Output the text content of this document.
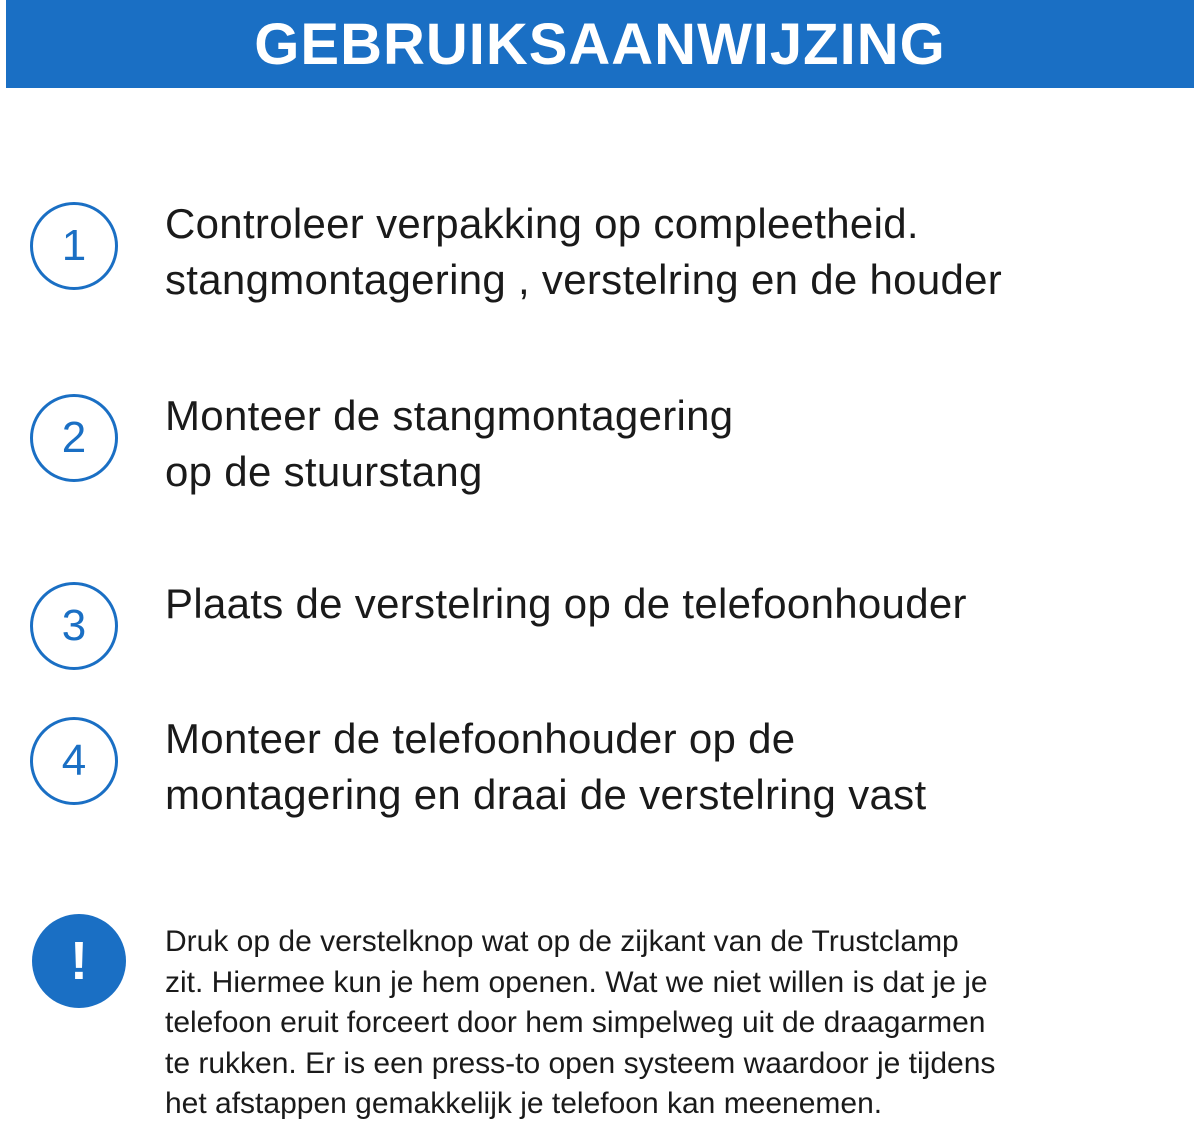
GEBRUIKSAANWIJZING
1	Controleer verpakking op compleetheid.
stangmontagering , verstelring en de houder
2	Monteer de stangmontagering
op de stuurstang
3	Plaats de verstelring op de telefoonhouder
4	Monteer de telefoonhouder op de
montagering en draai de verstelring vast
!	Druk op de verstelknop wat op de zijkant van de Trustclamp
zit. Hiermee kun je hem openen. Wat we niet willen is dat je je
telefoon eruit forceert door hem simpelweg uit de draagarmen
te rukken. Er is een press-to open systeem waardoor je tijdens
het afstappen gemakkelijk je telefoon kan meenemen.
